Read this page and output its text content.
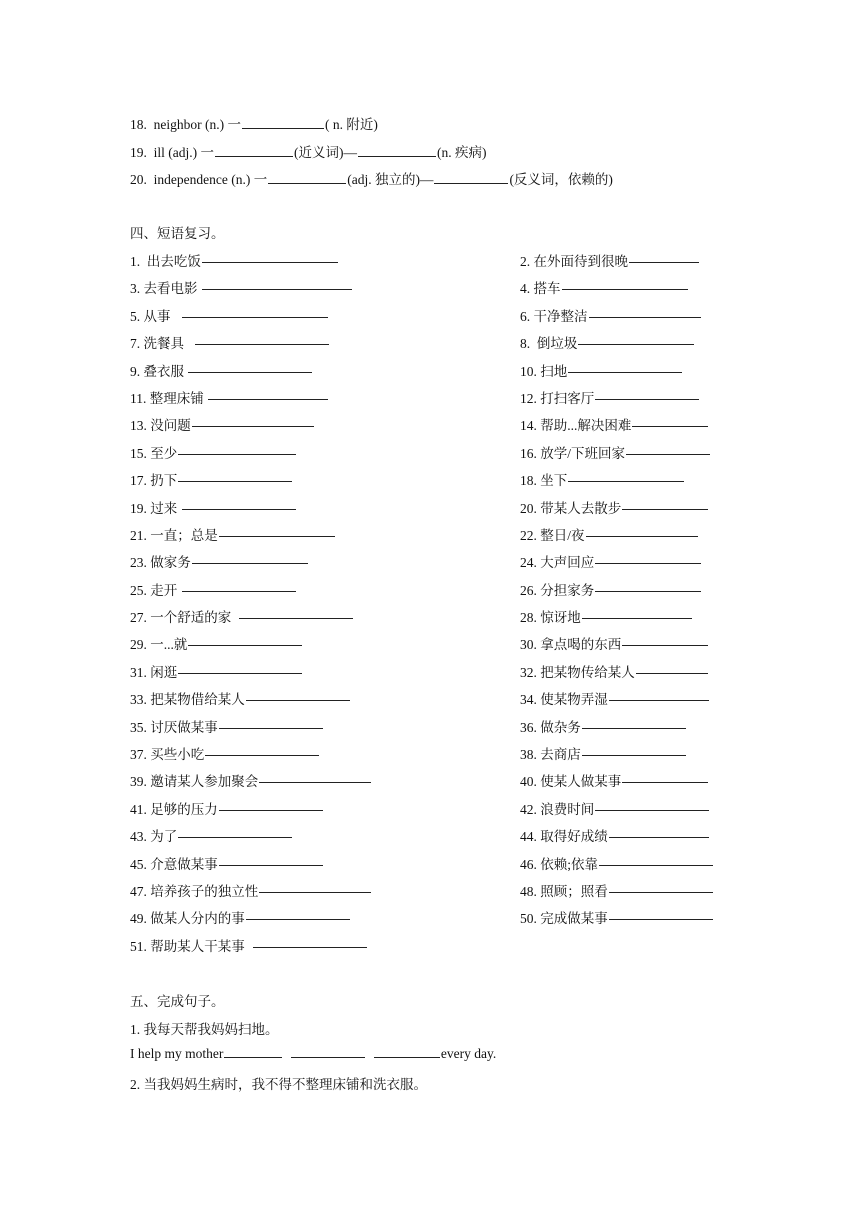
18. neighbor (n.) 一	( n. 附近)
19. ill (adj.) 一	(近义词)—	(n. 疾病)
20. independence (n.) 一	(adj. 独立的)—	(反义词，依赖的)
四、短语复习。
1.  出去吃饭	2. 在外面待到很晚
3. 去看电影	4. 搭车
5. 从事	6. 干净整洁
7. 洗餐具	8.  倒垃圾
9. 叠衣服	10. 扫地
11. 整理床铺	12. 打扫客厅
13. 没问题	14. 帮助...解决困难
15. 至少	16. 放学/下班回家
17. 扔下	18. 坐下
19. 过来	20. 带某人去散步
21. 一直；总是	22. 整日/夜
23. 做家务	24. 大声回应
25. 走开	26. 分担家务
27. 一个舒适的家	28. 惊讶地
29. 一...就	30. 拿点喝的东西
31. 闲逛	32. 把某物传给某人
33. 把某物借给某人	34. 使某物弄湿
35. 讨厌做某事	36. 做杂务
37. 买些小吃	38. 去商店
39. 邀请某人参加聚会	40. 使某人做某事
41. 足够的压力	42. 浪费时间
43. 为了	44. 取得好成绩
45. 介意做某事	46. 依赖;依靠
47. 培养孩子的独立性	48. 照顾；照看
49. 做某人分内的事	50. 完成做某事
51. 帮助某人干某事
五、完成句子。
1. 我每天帮我妈妈扫地。
I help my mother	every day.
2. 当我妈妈生病时，我不得不整理床铺和洗衣服。
